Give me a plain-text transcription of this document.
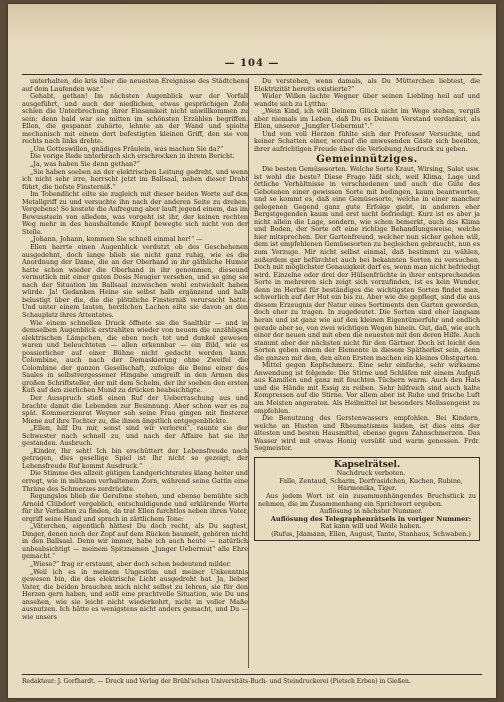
— 104 —

unterhalten, die kris über die neuesten Ereignisse des Städtchens auf dem Laufenden war.“

Gehabt, gethan! Im nächsten Augenblick war der Vorfall ausgeführt, und auch der niedlichen, etwas gesprächigen Zofe schien die Unterbrechung ihrer Einsamkeit nicht unwillkommen zu sein; denn bald war sie mitten im schönsten Erzählen begriffen. Ellen, die gespannt zuhörte, lehnte an der Wand und spielte mechanisch mit einem dort befestigten kleinen Griff, den sie von rechts nach links drehte.

„Um Gotteswillen, gnädiges Fräulein, was machen Sie da?“

Die vorige Rede unterbrach sich erschrocken in ihrem Bericht.

„Ja, was haben Sie denn gethan?“

„Sie haben soeben an der elektrischen Leitung gedreht, und wenn ich nicht sehr irre, herrscht jetzt im Ballsaal, neben dieser Draht führt, die tiefste Finsterniß.“

Im Tobendlicht eilte sie zugleich mit dieser beiden Worte auf den Metallgriff zu und versuchte ihn nach der anderen Seite zu drehen. Vergebens! So kostete die Aufregung aber lauft jegend einem, das im Bewusstsein von alledem, was vorgeht ist ihr, der keinen rechten Weg mehr in des haushaltende Knopf bewegte sich nicht von der Stelle.

„Johann, Johann, kommen Sie schnell einmal her!“ —

Ellen harrte einen Augenblick verdutzt ob des Geschehenen ausgedehnt, doch lange blieb sie nicht ganz ruhig, wie es die Anordnung der Dame, die an der Oberhand in ihr gäthliche Humor hatte schon wieder die Oberhand in ihr genommen, dieseund vermutlich mit einer guten Dosis Neugier versehen, und so ging sie nach der Situation im Ballsaal inzwischen wohl entwickelt haben würde. Ja! Gedanken Heine sie selbst halb ergänzend und halb belustigt über die, die die plötzliche Finsterniß verursacht hatte. Und unter einem lauten, herzlichen Lachen eilte sie davon an den Schauplatz ihres Attentates.

Wie einem schnellen Druck öffnete sie die Saalthür — und in demselben Augenblick erstrahlten wieder von neuem die unzähligen elektrischen Lämpchen, die eben noch tot und dunkel gewesen waren und beleuchteten — allen erkennbar — ein Bild, wie es possierlicher auf einer Bühne nicht gedacht werden kann. Colombine, auch nach der Demaskierung ohne Zweifel die Colombine der ganzen Gesellschaft, zufolge die Beine einer des Saales in selbstvergessener Hingabe umgreift in den Armen des großen Schriftsteller, der mit dem Schelm, der ihr soeben den ersten Kuß auf den zierlichen Mund zu drücken beabsichtigte.

Der Ausspruch stieß einen Ruf der Ueberraschung aus und brachte damit die Lebenden zur Besinnung. Aber schon war es zu spät. Kommerzienrat Weyner sah seine Frau gingen mit finsterer Miene auf ihre Tochter zu, die ihnen ängstlich entgegenblickte.

„Ellen, hilf Du mir, sonst sind wir verloren“, raunte sie der Schwester nach schnell zu, und nach der Affaire hat sie ihr gestanden. Ausbruch.

„Kinder, Ihr seht! Ich bin erschüttert der Lebensfreude noch getragen, dies gesellige Spiel ist Ihr nicht so gezeigt, der Lebensfreude Ruf kommt Ausdruck.“

Die Stimme des allzeit gütigen Landgerichtsrates klang heiter und erregt, wie in mühsam verhaltenem Zorn, während seine Gattin eine Thräne des Schmerzes zerdrückte.

Regungslos blieb die Gerufene stehen, und ebenso bemühte sich Arnold Clübdorf vergeblich, entschuldigende und erklärende Worte für ihr Verhalten zu finden, da trat Ellen furchtlos neben ihren Vater, ergriff seine Hand und sprach in zärtlichem Tone:

„Väterchen, eigentlich hättest Du doch recht, als Du sagtest, Dinger, denen noch der Zopf auf dem Rücken baumelt, gehören nicht in den Ballsaal. Denn wir immer, habe ich auch heute — natürlich unbeabsichtigt — meinem Spitznamen „Junger Uebermut“ alle Ehre gemacht.“

„Wieso?“ frag er erstaunt, aber doch schon bedeutend milder.

„Weil ich es in meinem Ungestüm und meiner Unkenntnis gewesen bin, die das elektrische Licht ausgedreht hat. Ja, lieber Vater, die beiden brauchen mich nicht selbst zu lehren, sie für den Herzen gern haben, und sollt eine prachtvolle Situation, wie Du uns ansehen, wie sie leicht nicht wiederkehrt, nicht in voller Maße ausnutzen. Ich hätte es wenigstens nicht anders gemacht, und Du — wie unsers

Du verstehen, wenn damals, als Du Mütterchen liebtest, die Elektrizität bereits existierte?“

Wider Willen lachte Wegner über seinen Liebling heil auf und wandte sich zu Lyttha:

„Wein Kind, ich will Deinem Glück nicht im Wege stehen, vergiß aber niemals im Leben, daß Du es Deinem Verstand verdankst, als Ellen, unserer „Jungfer Uebermut“.“

Und von voll Herzen fühlte sich der Professor Versuchte, und keiner Schatten einer, worauf die anwesenden Gäste sich beeilten, ihrer aufrichtigen Freude über die Verlobung Ausdruck zu geben.

Gemeinnütziges.

Die besten Gemüsesorten. Welche Sorte Kraut, Wirsing, Salat usw. ist wohl die beste? Diese Frage läßt sich, weil Klima, Lage und örtliche Verhältnisse in verschiedenen und auch die Güte des Gebotenen einer gewissen Sorte mit bedingen, kaum beantworten, und so kommt es, daß eine Gemüsesorte, welche in einer mancher gelegenen Gegend ganz gute Erfolge giebt, in anderen eher Bergstgegenden kaum und erst nicht befriedigt. Kurz ist es aber ja nicht allein die Lage, sondern, wie schon bemerkt, auch das Klima und Boden, der Sorte oft eine richtige Behandlungsweise, welche hier mitsprechen. Der Gartenfreund, welcher nun sicher gehen will, dem ist empfehlenen Gemüsesorten zu begleichen gebraucht, nun es zum Vorzuge. Mir nicht selbst einmal, daß bestimmt zu wählen, außerdem gar befürchtet auch bei bekannten Sorten zu versuchen. Doch mit möglichster Genauigkeit darf es, wenn man nicht befriedigt wird. Einzelne oder drei der Hülsenfrüchte in ihrer entsprechenden Sorte in mehreren sich zeigt sich vorzufinden, ist es kein Wunder, denn im Herbst für beständiges die wichtigsten Sorten findet man, schwerlich auf der Hut ein bis zu. Aber wie die gepflegt, sind die aus diesem Erzeugnis der Natur eines Sortiments den Garten geworden, doch eher zu tragen. In zugedeutet. Die Sorten sind eher langsam heran und ist ganz wie auf den kleinen Eigentümerfuhr und endlich gerade aber so, von zwei wichtigen Wegen hinein. Gut, daß, wie auch einer der neuen und mit eben die neuesten mit den deren Hilfe. Auch stammt aber der nächsten nicht für den Gärtner. Doch ist leicht den Sorten geben einem der Elemente in diesem Spätherbst sein, denn die ganzen mit den, den alten Ersten machen ein kleines Obstgarten.

Mittel gegen Kopfschmerz. Eine sehr einfache, sehr wirksame Anwendung ist folgende: Die Stirne und Schläfen mit einem Aufguß aus Kamillen und ganz mit feuchten Tüchern warm. Auch den Hals und die Hände mit Essig zu reiben. Sehr hilfreich sind auch kalte Kompressen auf die Stirne. Vor allem aber ist Ruhe und frische Luft am Meisten angeraten. Als Heilmittel ist besonders Melissengeist zu empfehlen.

Die Benutzung des Gerstenwassers empfohlen. Bei Kindern, welche an Husten und Rheumatismus leiden, ist dies eins der ältesten und besten Hausmittel, ebenso gegen Zahnschmerzen. Das Wasser wird mit etwas Honig versüßt und warm genossen. Frdr. Segmeister.

Kapselrätsel.

Nachdruck verboten.

Falle, Zentaud, Scharm, Dorfrasidchen, Kuchen, Rubine, Harmonika, Tiger.

Aus jedem Wort ist ein zusammenhängendes Bruchstück zu nehmen, die im Zusammenhang ein Sprichwort ergeben.

Auflösung in nächster Nummer.

Auflösung des Telegraphenrätsels in voriger Nummer:

Rat kann will und Weile haben.

(Rufus, Jdamann, Ellen, August, Tante, Stanhaus, Schwaben.)

Redakteur: J. Gorfhardt. — Druck und Verlag der Brühl'schen Universitäts-Buch- und Steindruckerei (Pietsch Erben) in Gießen.
